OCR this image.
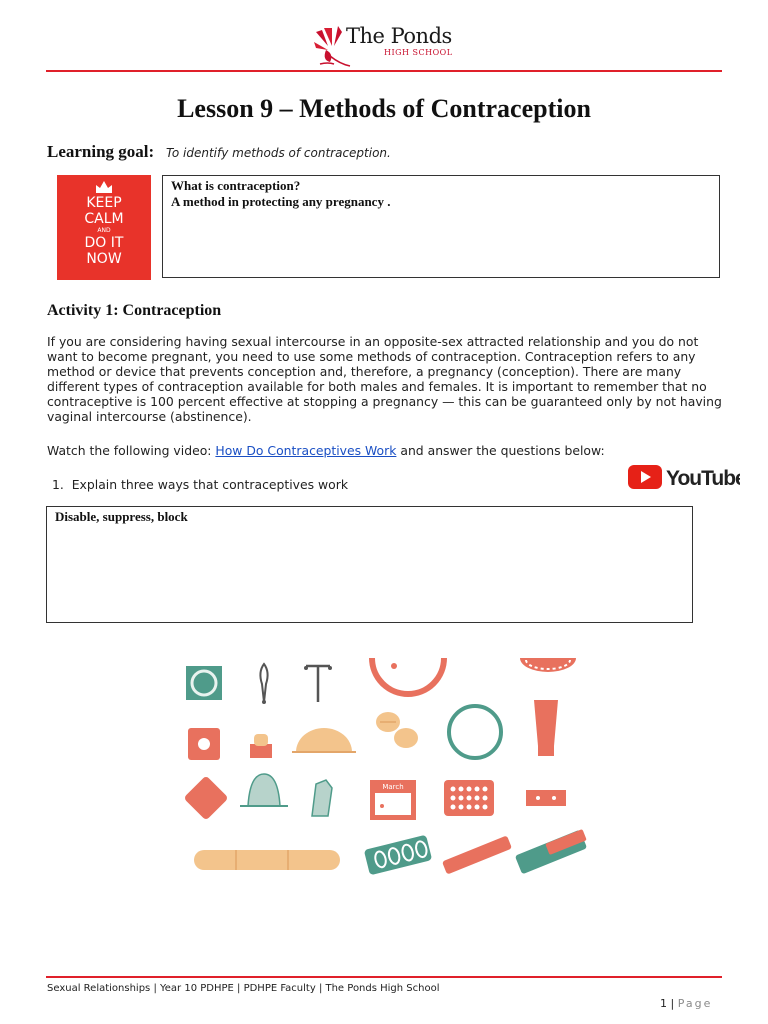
The Ponds
HIGH SCHOOL
Lesson 9 – Methods of Contraception
Learning goal: To identify methods of contraception.
KEEP
CALM
AND
DO IT
NOW
What is contraception?
A method in protecting any pregnancy .
Activity 1: Contraception
If you are considering having sexual intercourse in an opposite-sex attracted relationship and you do not want to become pregnant, you need to use some methods of contraception. Contraception refers to any method or device that prevents conception and, therefore, a pregnancy (conception). There are many different types of contraception available for both males and females. It is important to remember that no contraceptive is 100 percent effective at stopping a pregnancy — this can be guaranteed only by not having vaginal intercourse (abstinence).
Watch the following video: How Do Contraceptives Work and answer the questions below:
1. Explain three ways that contraceptives work	YouTube
Disable, suppress, block
March
Sexual Relationships | Year 10 PDHPE | PDHPE Faculty | The Ponds High School
1 | Page
